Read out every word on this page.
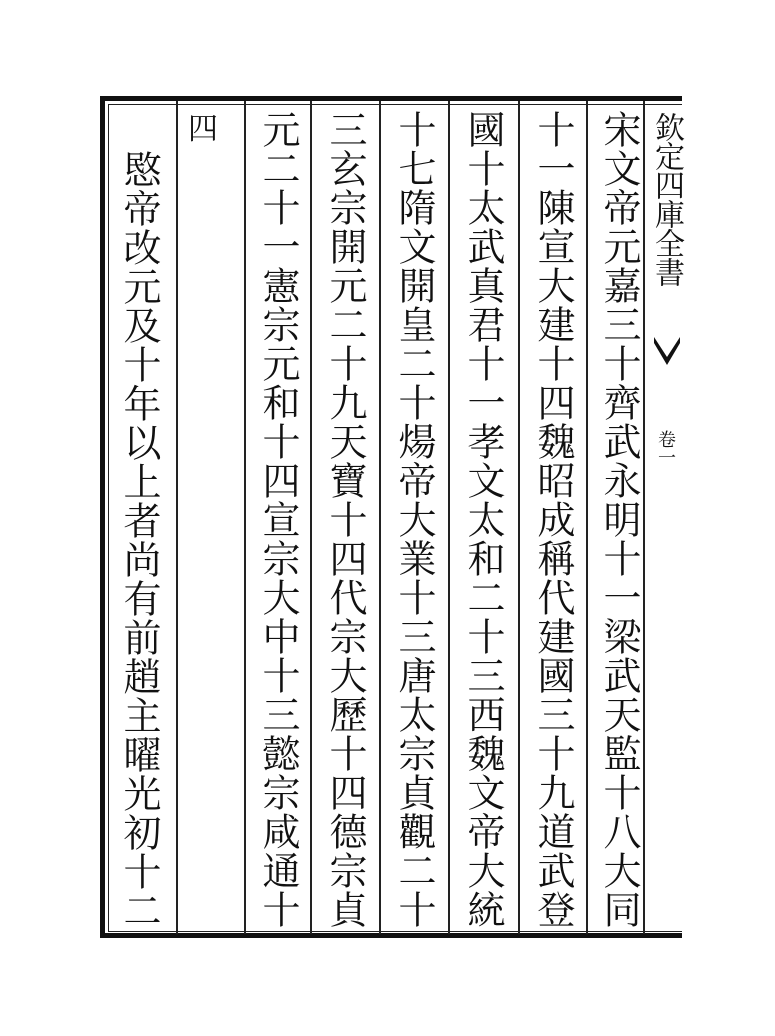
欽定四庫全書
卷一
宋文帝元嘉三十齊武永明十一梁武天監十八大同
十一陳宣大建十四魏昭成稱代建國三十九道武登
國十太武真君十一孝文太和二十三西魏文帝大統
十七隋文開皇二十煬帝大業十三唐太宗貞觀二十
三玄宗開元二十九天寶十四代宗大歷十四德宗貞
元二十一憲宗元和十四宣宗大中十三懿宗咸通十
四
愍帝改元及十年以上者尚有前趙主曜光初十二
